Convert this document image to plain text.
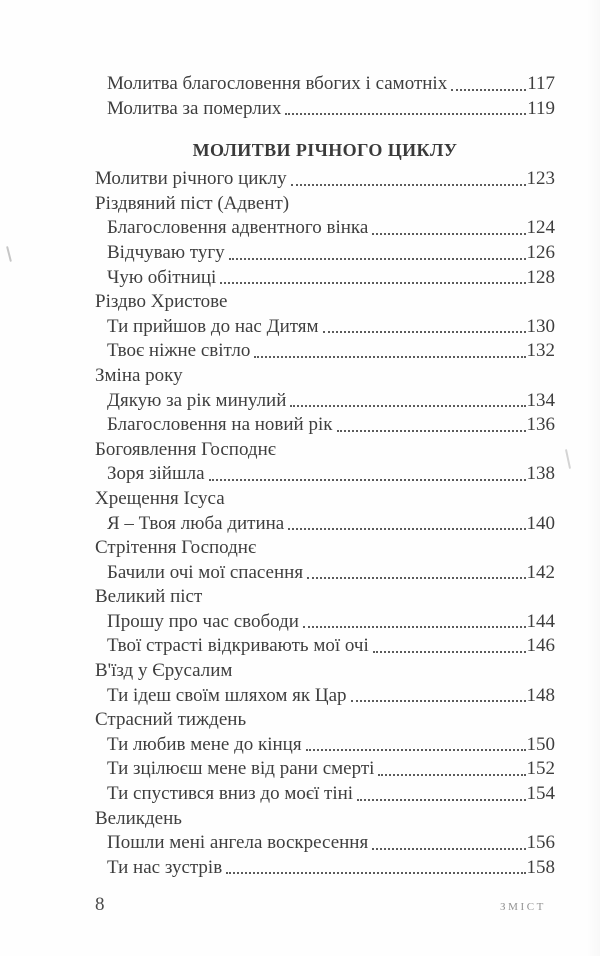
Молитва благословення вбогих і самотніх	117
Молитва за померлих	119
МОЛИТВИ РІЧНОГО ЦИКЛУ
Молитви річного циклу	123
Різдвяний піст (Адвент)
Благословення адвентного вінка	124
Відчуваю тугу	126
Чую обітниці	128
Різдво Христове
Ти прийшов до нас Дитям	130
Твоє ніжне світло	132
Зміна року
Дякую за рік минулий	134
Благословення на новий рік	136
Богоявлення Господнє
Зоря зійшла	138
Хрещення Ісуса
Я – Твоя люба дитина	140
Стрітення Господнє
Бачили очі мої спасення	142
Великий піст
Прошу про час свободи	144
Твої страсті відкривають мої очі	146
В'їзд у Єрусалим
Ти ідеш своїм шляхом як Цар	148
Страсний тиждень
Ти любив мене до кінця	150
Ти зцілюєш мене від рани смерті	152
Ти спустився вниз до моєї тіні	154
Великдень
Пошли мені ангела воскресення	156
Ти нас зустрів	158
8	ЗМІСТ
